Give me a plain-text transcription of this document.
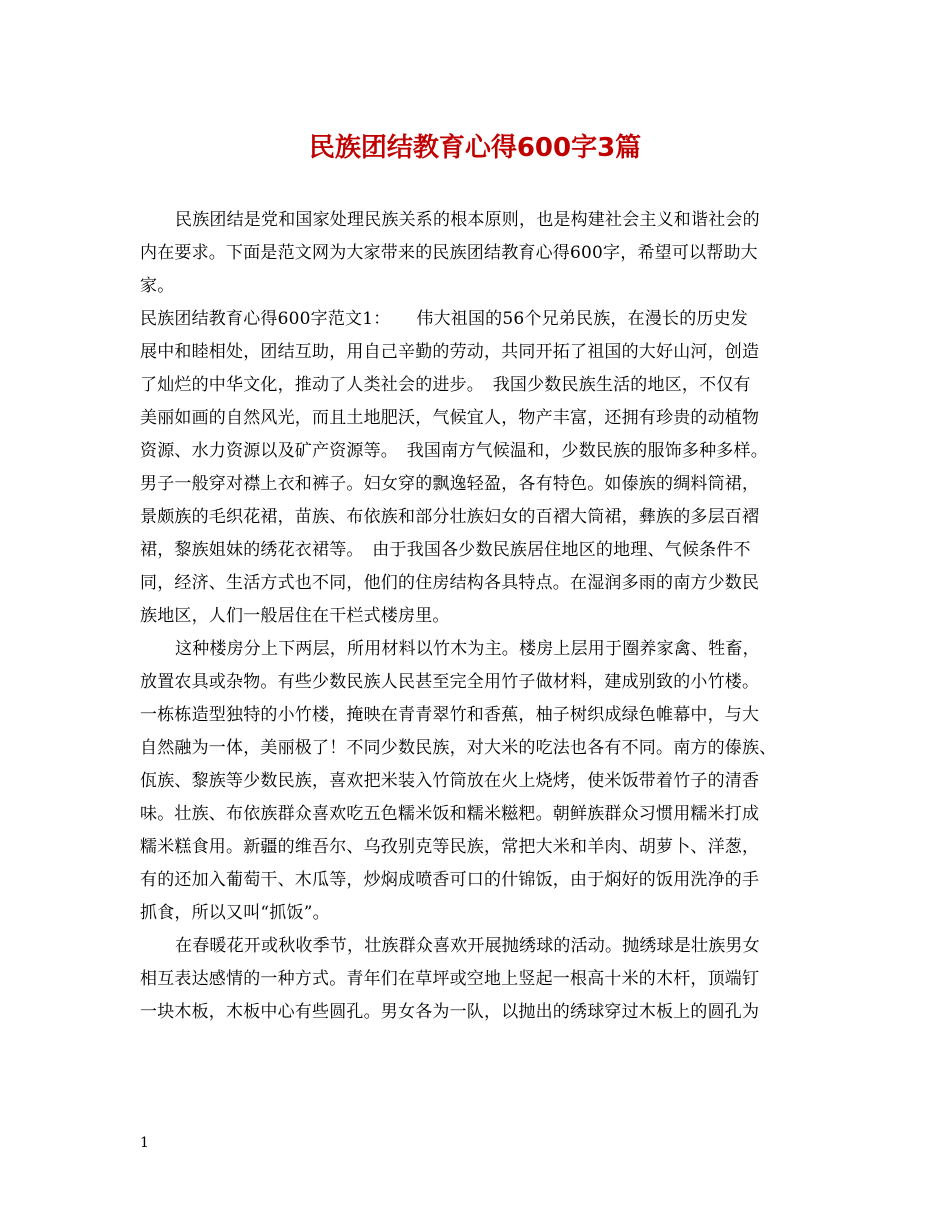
民族团结教育心得600字3篇
民族团结是党和国家处理民族关系的根本原则，也是构建社会主义和谐社会的
内在要求。下面是范文网为大家带来的民族团结教育心得600字，希望可以帮助大
家。
民族团结教育心得600字范文1：　　伟大祖国的56个兄弟民族，在漫长的历史发
展中和睦相处，团结互助，用自己辛勤的劳动，共同开拓了祖国的大好山河，创造
了灿烂的中华文化，推动了人类社会的进步。　我国少数民族生活的地区，不仅有
美丽如画的自然风光，而且土地肥沃，气候宜人，物产丰富，还拥有珍贵的动植物
资源、水力资源以及矿产资源等。　我国南方气候温和，少数民族的服饰多种多样。
男子一般穿对襟上衣和裤子。妇女穿的飘逸轻盈，各有特色。如傣族的绸料筒裙，
景颇族的毛织花裙，苗族、布依族和部分壮族妇女的百褶大筒裙，彝族的多层百褶
裙，黎族姐妹的绣花衣裙等。　由于我国各少数民族居住地区的地理、气候条件不
同，经济、生活方式也不同，他们的住房结构各具特点。在湿润多雨的南方少数民
族地区，人们一般居住在干栏式楼房里。
这种楼房分上下两层，所用材料以竹木为主。楼房上层用于圈养家禽、牲畜，
放置农具或杂物。有些少数民族人民甚至完全用竹子做材料，建成别致的小竹楼。
一栋栋造型独特的小竹楼，掩映在青青翠竹和香蕉，柚子树织成绿色帷幕中，与大
自然融为一体，美丽极了！不同少数民族，对大米的吃法也各有不同。南方的傣族、
佤族、黎族等少数民族，喜欢把米装入竹筒放在火上烧烤，使米饭带着竹子的清香
味。壮族、布依族群众喜欢吃五色糯米饭和糯米糍粑。朝鲜族群众习惯用糯米打成
糯米糕食用。新疆的维吾尔、乌孜别克等民族，常把大米和羊肉、胡萝卜、洋葱，
有的还加入葡萄干、木瓜等，炒焖成喷香可口的什锦饭，由于焖好的饭用洗净的手
抓食，所以又叫“抓饭”。
在春暖花开或秋收季节，壮族群众喜欢开展抛绣球的活动。抛绣球是壮族男女
相互表达感情的一种方式。青年们在草坪或空地上竖起一根高十米的木杆，顶端钉
一块木板，木板中心有些圆孔。男女各为一队，以抛出的绣球穿过木板上的圆孔为
1
